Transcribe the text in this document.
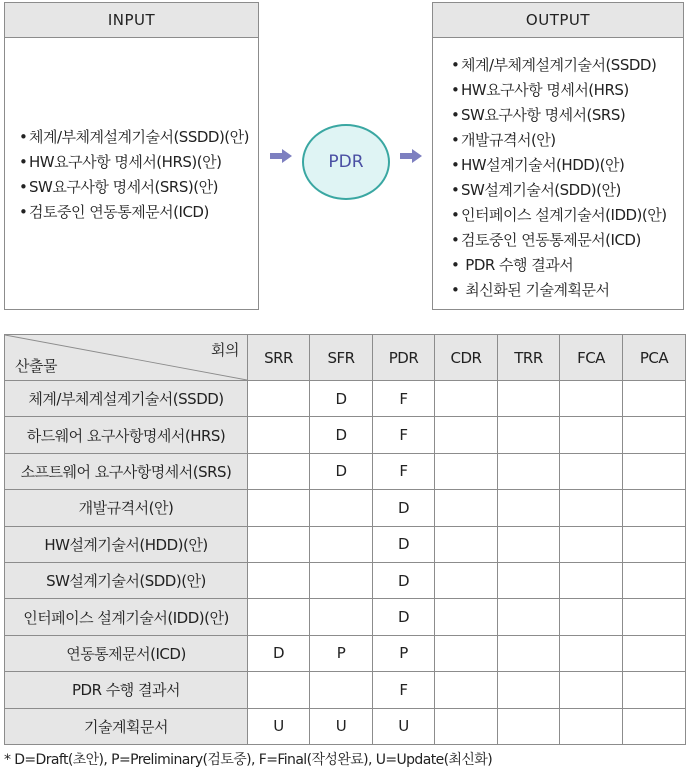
INPUT
• 체계/부체계설계기술서(SSDD)(안)
• HW요구사항 명세서(HRS)(안)
• SW요구사항 명세서(SRS)(안)
• 검토중인 연동통제문서(ICD)
PDR
OUTPUT
• 체계/부체계설계기술서(SSDD)
• HW요구사항 명세서(HRS)
• SW요구사항 명세서(SRS)
• 개발규격서(안)
• HW설계기술서(HDD)(안)
• SW설계기술서(SDD)(안)
• 인터페이스 설계기술서(IDD)(안)
• 검토중인 연동통제문서(ICD)
• PDR 수행 결과서
• 최신화된 기술계획문서
회의
산출물	SRR	SFR	PDR	CDR	TRR	FCA	PCA
체계/부체계설계기술서(SSDD)		D	F				
하드웨어 요구사항명세서(HRS)		D	F				
소프트웨어 요구사항명세서(SRS)		D	F				
개발규격서(안)			D				
HW설계기술서(HDD)(안)			D				
SW설계기술서(SDD)(안)			D				
인터페이스 설계기술서(IDD)(안)			D				
연동통제문서(ICD)	D	P	P				
PDR 수행 결과서			F				
기술계획문서	U	U	U				
* D=Draft(초안), P=Preliminary(검토중), F=Final(작성완료), U=Update(최신화)
